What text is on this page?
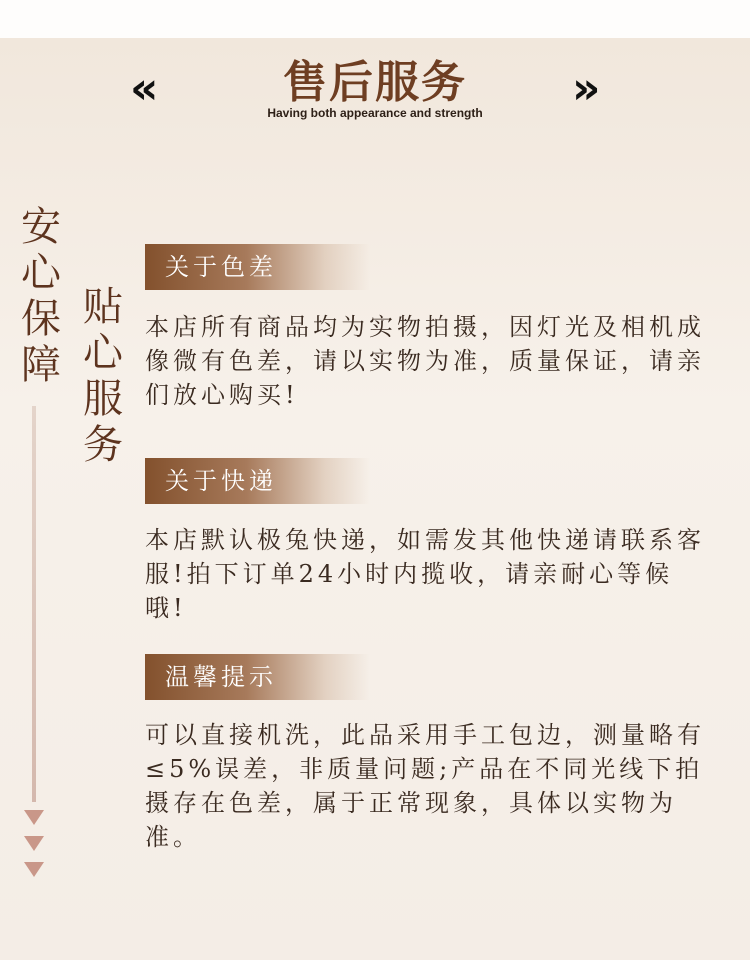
«	售后服务	»
Having both appearance and strength
安
心
保
障
贴
心
服
务
关于色差
本店所有商品均为实物拍摄，因灯光及相机成像微有色差，请以实物为准，质量保证，请亲们放心购买!
关于快递
本店默认极兔快递，如需发其他快递请联系客服!拍下订单24小时内揽收，请亲耐心等候哦!
温馨提示
可以直接机洗，此品采用手工包边，测量略有≤5%误差，非质量问题;产品在不同光线下拍摄存在色差，属于正常现象，具体以实物为准。
